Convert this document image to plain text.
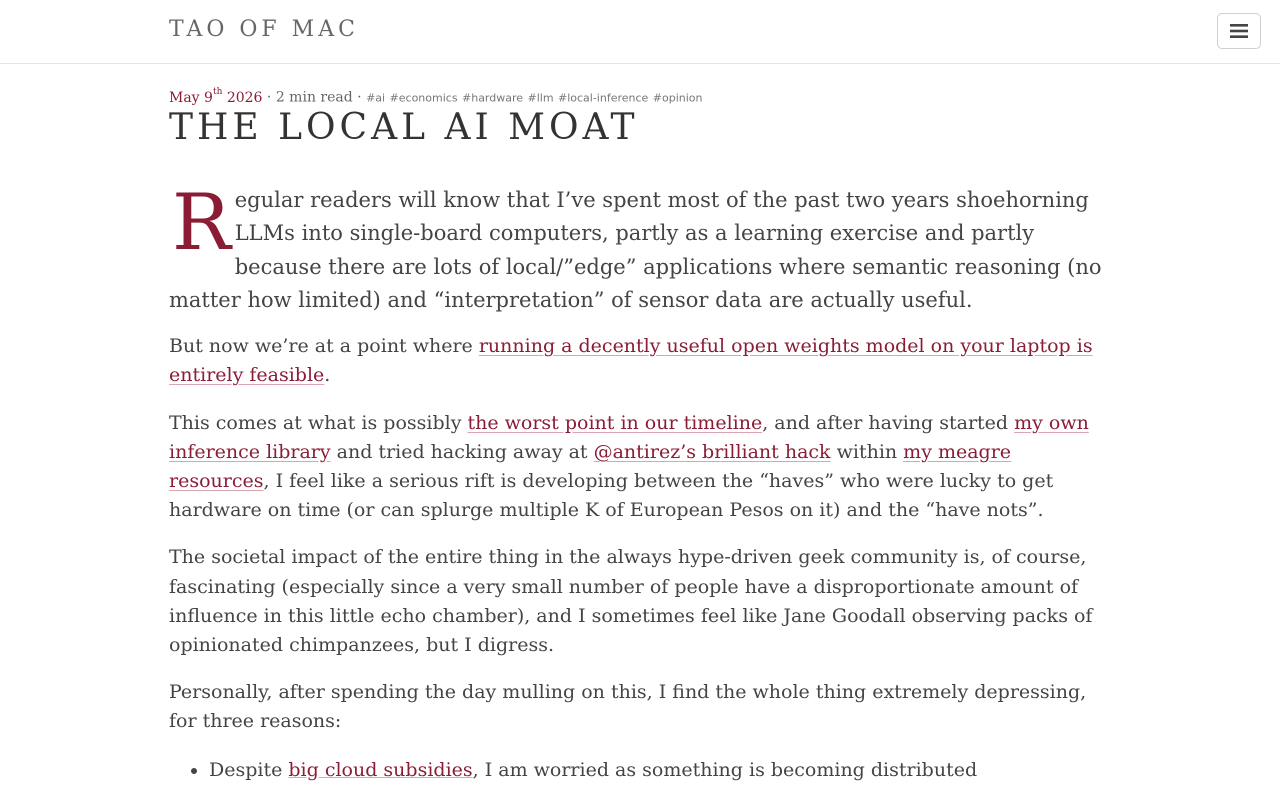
TAO OF MAC
May 9th 2026 · 2 min read · #ai #economics #hardware #llm #local-inference #opinion
THE LOCAL AI MOAT

Regular readers will know that I’ve spent most of the past two years shoehorning LLMs into single-board computers, partly as a learning exercise and partly because there are lots of local/”edge” applications where semantic reasoning (no matter how limited) and “interpretation” of sensor data are actually useful.

But now we’re at a point where running a decently useful open weights model on your laptop is entirely feasible.

This comes at what is possibly the worst point in our timeline, and after having started my own inference library and tried hacking away at @antirez’s brilliant hack within my meagre resources, I feel like a serious rift is developing between the “haves” who were lucky to get hardware on time (or can splurge multiple K of European Pesos on it) and the “have nots”.

The societal impact of the entire thing in the always hype-driven geek community is, of course, fascinating (especially since a very small number of people have a disproportionate amount of influence in this little echo chamber), and I sometimes feel like Jane Goodall observing packs of opinionated chimpanzees, but I digress.

Personally, after spending the day mulling on this, I find the whole thing extremely depressing, for three reasons:

• Despite big cloud subsidies, I am worried as something is becoming distributed
